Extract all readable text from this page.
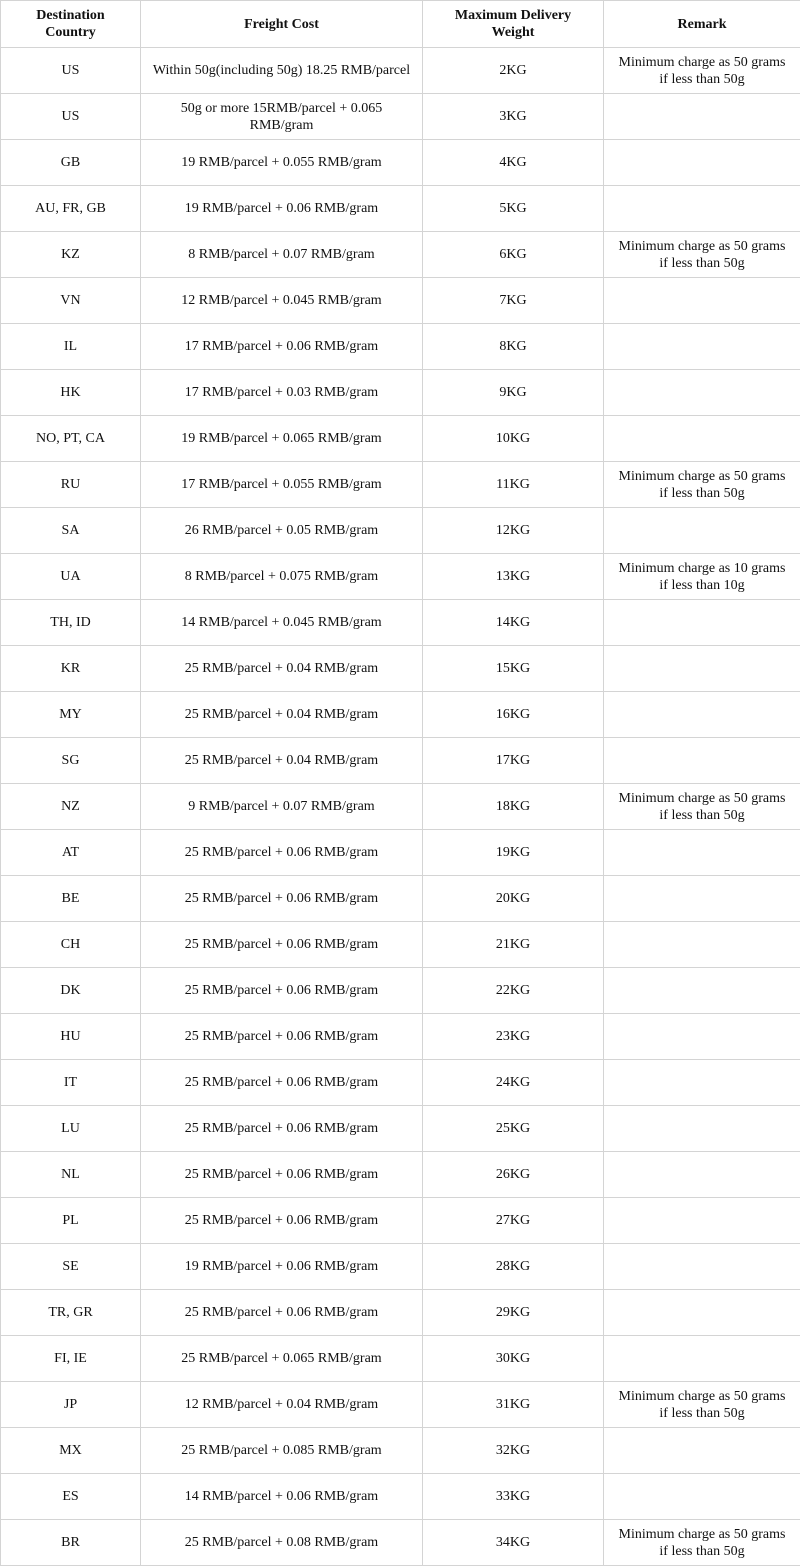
Destination Country	Freight Cost	Maximum Delivery Weight	Remark
US	Within 50g(including 50g) 18.25 RMB/parcel	2KG	Minimum charge as 50 grams if less than 50g
US	50g or more 15RMB/parcel + 0.065 RMB/gram	3KG	
GB	19 RMB/parcel + 0.055 RMB/gram	4KG	
AU, FR, GB	19 RMB/parcel + 0.06 RMB/gram	5KG	
KZ	8 RMB/parcel + 0.07 RMB/gram	6KG	Minimum charge as 50 grams if less than 50g
VN	12 RMB/parcel + 0.045 RMB/gram	7KG	
IL	17 RMB/parcel + 0.06 RMB/gram	8KG	
HK	17 RMB/parcel + 0.03 RMB/gram	9KG	
NO, PT, CA	19 RMB/parcel + 0.065 RMB/gram	10KG	
RU	17 RMB/parcel + 0.055 RMB/gram	11KG	Minimum charge as 50 grams if less than 50g
SA	26 RMB/parcel + 0.05 RMB/gram	12KG	
UA	8 RMB/parcel + 0.075 RMB/gram	13KG	Minimum charge as 10 grams if less than 10g
TH, ID	14 RMB/parcel + 0.045 RMB/gram	14KG	
KR	25 RMB/parcel + 0.04 RMB/gram	15KG	
MY	25 RMB/parcel + 0.04 RMB/gram	16KG	
SG	25 RMB/parcel + 0.04 RMB/gram	17KG	
NZ	9 RMB/parcel + 0.07 RMB/gram	18KG	Minimum charge as 50 grams if less than 50g
AT	25 RMB/parcel + 0.06 RMB/gram	19KG	
BE	25 RMB/parcel + 0.06 RMB/gram	20KG	
CH	25 RMB/parcel + 0.06 RMB/gram	21KG	
DK	25 RMB/parcel + 0.06 RMB/gram	22KG	
HU	25 RMB/parcel + 0.06 RMB/gram	23KG	
IT	25 RMB/parcel + 0.06 RMB/gram	24KG	
LU	25 RMB/parcel + 0.06 RMB/gram	25KG	
NL	25 RMB/parcel + 0.06 RMB/gram	26KG	
PL	25 RMB/parcel + 0.06 RMB/gram	27KG	
SE	19 RMB/parcel + 0.06 RMB/gram	28KG	
TR, GR	25 RMB/parcel + 0.06 RMB/gram	29KG	
FI, IE	25 RMB/parcel + 0.065 RMB/gram	30KG	
JP	12 RMB/parcel + 0.04 RMB/gram	31KG	Minimum charge as 50 grams if less than 50g
MX	25 RMB/parcel + 0.085 RMB/gram	32KG	
ES	14 RMB/parcel + 0.06 RMB/gram	33KG	
BR	25 RMB/parcel + 0.08 RMB/gram	34KG	Minimum charge as 50 grams if less than 50g
